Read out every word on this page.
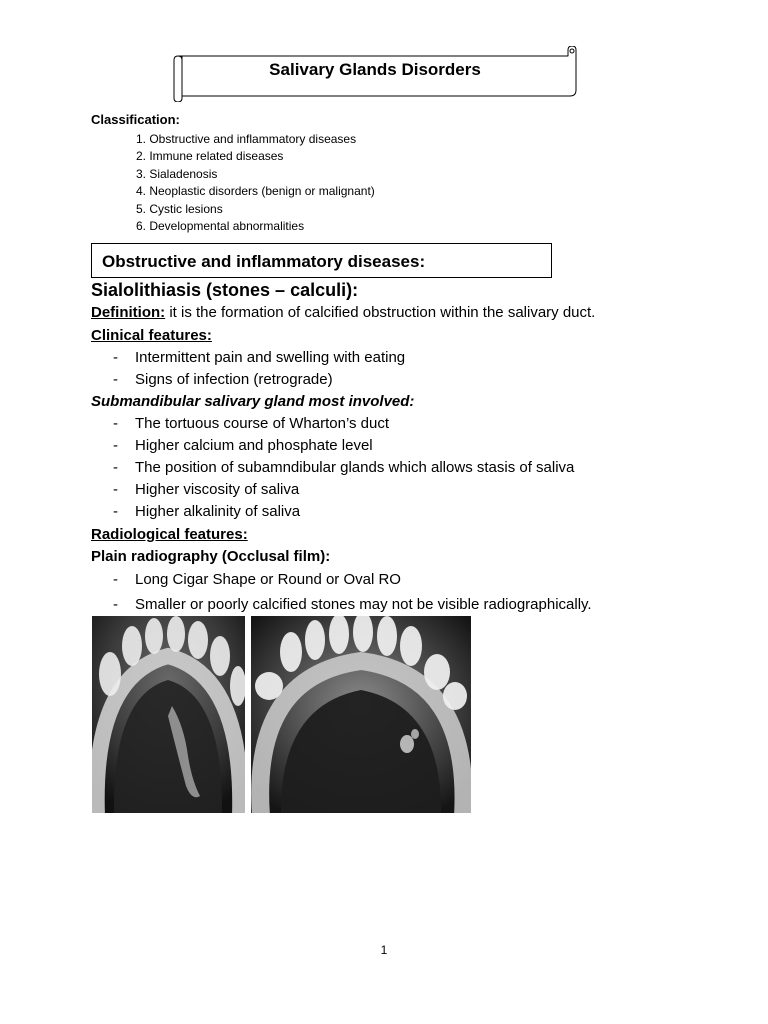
Salivary Glands Disorders
Classification:
1. Obstructive and inflammatory diseases
2. Immune related diseases
3. Sialadenosis
4. Neoplastic disorders (benign or malignant)
5. Cystic lesions
6. Developmental abnormalities
Obstructive and inflammatory diseases:
Sialolithiasis (stones – calculi):
Definition: it is the formation of calcified obstruction within the salivary duct.
Clinical features:
- Intermittent pain and swelling with eating
- Signs of infection (retrograde)
Submandibular salivary gland most involved:
- The tortuous course of Wharton’s duct
- Higher calcium and phosphate level
- The position of subamndibular glands which allows stasis of saliva
- Higher viscosity of saliva
- Higher alkalinity of saliva
Radiological features:
Plain radiography (Occlusal film):
- Long Cigar Shape or Round or Oval RO
- Smaller or poorly calcified stones may not be visible radiographically.
1
